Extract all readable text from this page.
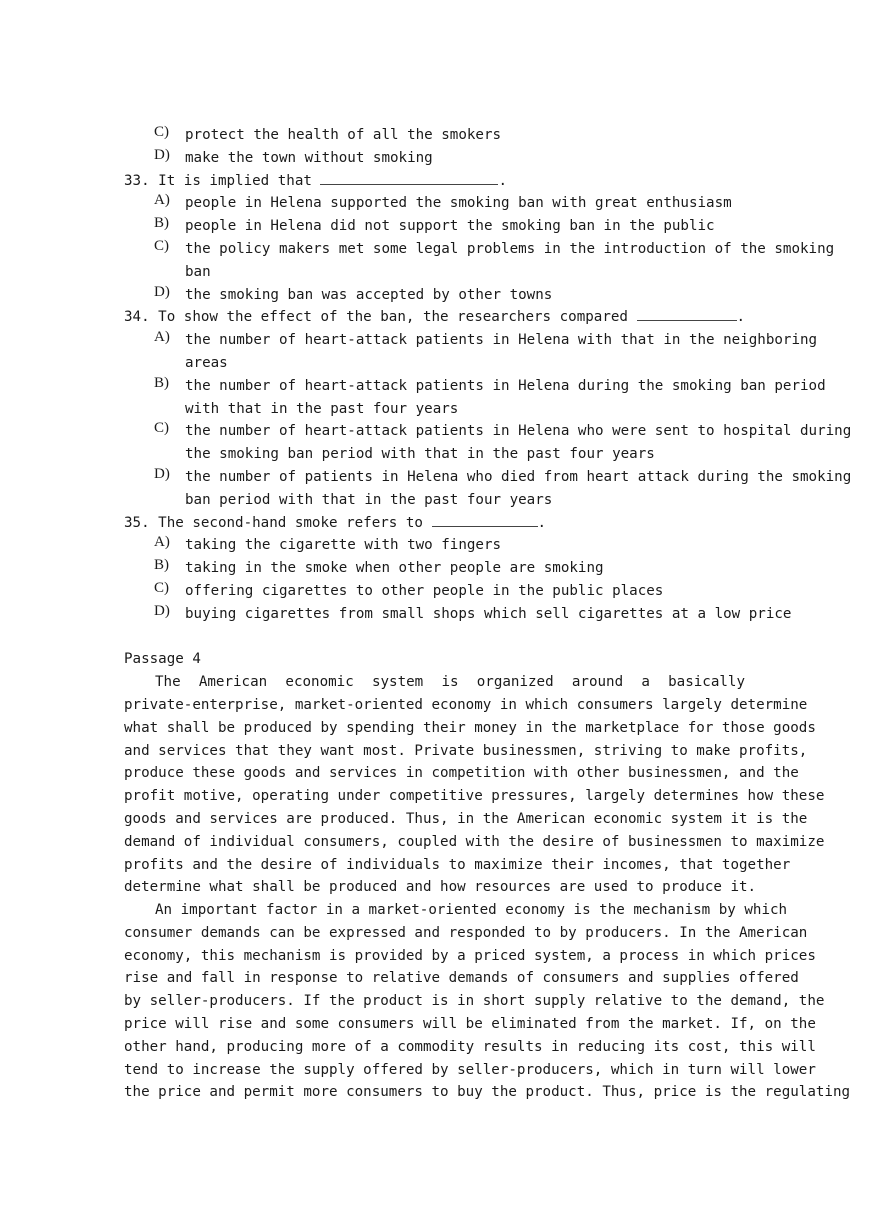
C)	protect the health of all the smokers
D)	make the town without smoking
33. It is implied that	.
A)	people in Helena supported the smoking ban with great enthusiasm
B)	people in Helena did not support the smoking ban in the public
C)	the policy makers met some legal problems in the introduction of the smoking
ban
D)	the smoking ban was accepted by other towns
34. To show the effect of the ban, the researchers compared	.
A)	the number of heart-attack patients in Helena with that in the neighboring
areas
B)	the number of heart-attack patients in Helena during the smoking ban period
with that in the past four years
C)	the number of heart-attack patients in Helena who were sent to hospital during
the smoking ban period with that in the past four years
D)	the number of patients in Helena who died from heart attack during the smoking
ban period with that in the past four years
35. The second-hand smoke refers to	.
A)	taking the cigarette with two fingers
B)	taking in the smoke when other people are smoking
C)	offering cigarettes to other people in the public places
D)	buying cigarettes from small shops which sell cigarettes at a low price
Passage 4
The American economic system is organized around a basically
private-enterprise, market-oriented economy in which consumers largely determine
what shall be produced by spending their money in the marketplace for those goods
and services that they want most. Private businessmen, striving to make profits,
produce these goods and services in competition with other businessmen, and the
profit motive, operating under competitive pressures, largely determines how these
goods and services are produced. Thus, in the American economic system it is the
demand of individual consumers, coupled with the desire of businessmen to maximize
profits and the desire of individuals to maximize their incomes, that together
determine what shall be produced and how resources are used to produce it.
An important factor in a market-oriented economy is the mechanism by which
consumer demands can be expressed and responded to by producers. In the American
economy, this mechanism is provided by a priced system, a process in which prices
rise and fall in response to relative demands of consumers and supplies offered
by seller-producers. If the product is in short supply relative to the demand, the
price will rise and some consumers will be eliminated from the market. If, on the
other hand, producing more of a commodity results in reducing its cost, this will
tend to increase the supply offered by seller-producers, which in turn will lower
the price and permit more consumers to buy the product. Thus, price is the regulating
